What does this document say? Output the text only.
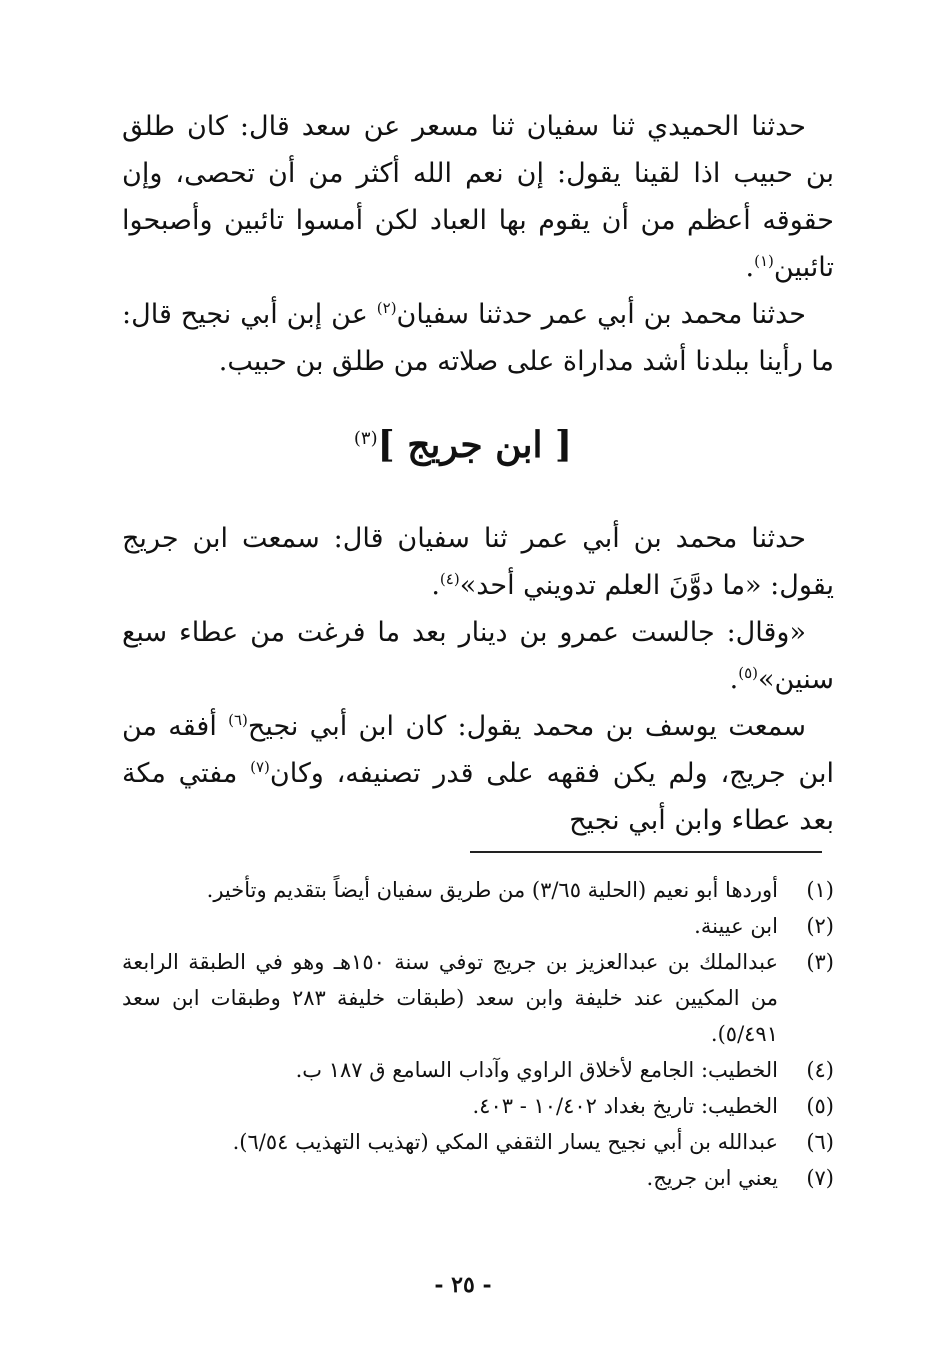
حدثنا الحميدي ثنا سفيان ثنا مسعر عن سعد قال: كان طلق بن حبيب اذا لقينا يقول: إن نعم الله أكثر من أن تحصى، وإن حقوقه أعظم من أن يقوم بها العباد لكن أمسوا تائبين وأصبحوا تائبين$^{(١)}$.

حدثنا محمد بن أبي عمر حدثنا سفيان$^{(٢)}$ عن إبن أبي نجيح قال: ما رأينا ببلدنا أشد مداراة على صلاته من طلق بن حبيب.

[ ابن جريج ]$^{(٣)}$

حدثنا محمد بن أبي عمر ثنا سفيان قال: سمعت ابن جريج يقول: «ما دوَّنَ العلم تدويني أحد»$^{(٤)}$.

«وقال: جالست عمرو بن دينار بعد ما فرغت من عطاء سبع سنين»$^{(٥)}$.

سمعت يوسف بن محمد يقول: كان ابن أبي نجيح$^{(٦)}$ أفقه من ابن جريج، ولم يكن فقهه على قدر تصنيفه، وكان$^{(٧)}$ مفتي مكة بعد عطاء وابن أبي نجيح

(١)
أوردها أبو نعيم (الحلية ٣/٦٥) من طريق سفيان أيضاً بتقديم وتأخير.
(٢)
ابن عيينة.
(٣)
عبدالملك بن عبدالعزيز بن جريج توفي سنة ١٥٠هـ وهو في الطبقة الرابعة من المكيين عند خليفة وابن سعد (طبقات خليفة ٢٨٣ وطبقات ابن سعد ٥/٤٩١).
(٤)
الخطيب: الجامع لأخلاق الراوي وآداب السامع ق ١٨٧ ب.
(٥)
الخطيب: تاريخ بغداد ١٠/٤٠٢ - ٤٠٣.
(٦)
عبدالله بن أبي نجيح يسار الثقفي المكي (تهذيب التهذيب ٦/٥٤).
(٧)
يعني ابن جريج.
- ٢٥ -
